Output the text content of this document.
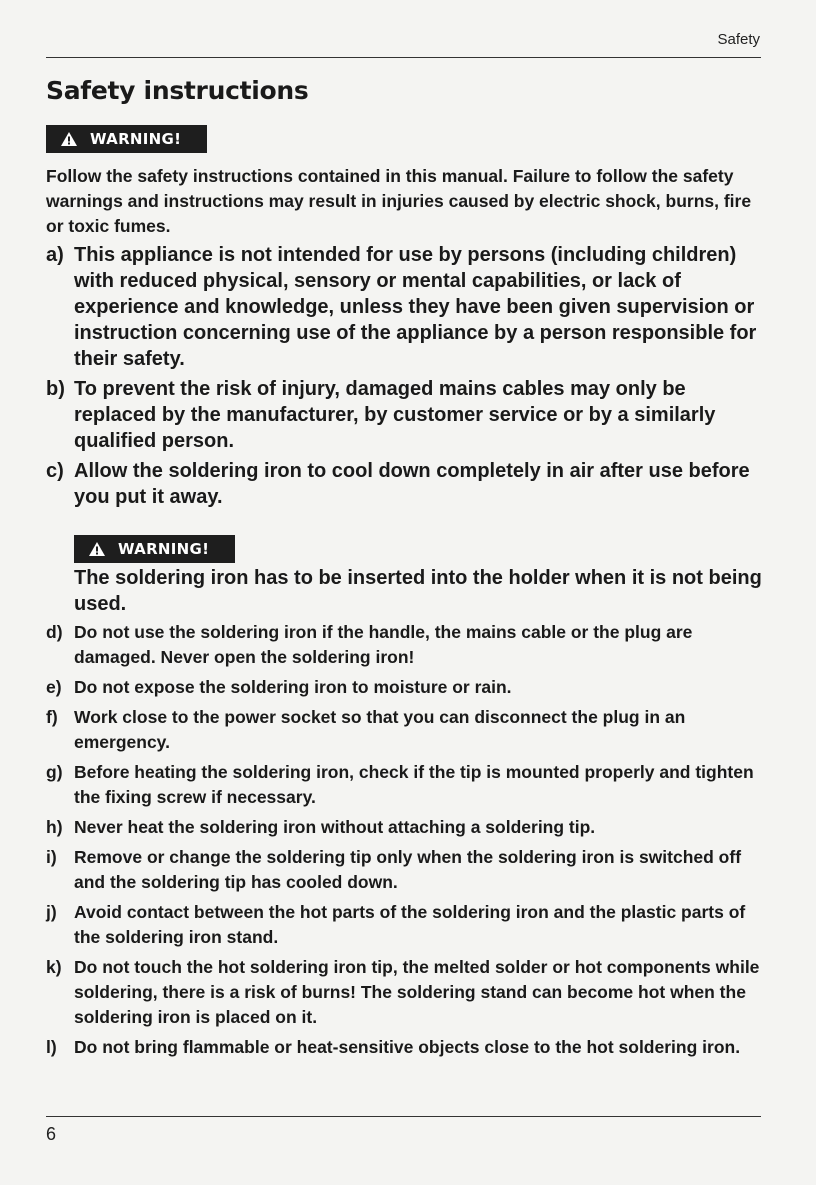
Safety
Safety instructions
WARNING!

Follow the safety instructions contained in this manual. Failure to follow the safety warnings and instructions may result in injuries caused by electric shock, burns, fire or toxic fumes.

a) This appliance is not intended for use by persons (including children) with reduced physical, sensory or mental capabilities, or lack of experience and knowledge, unless they have been given supervision or instruction concerning use of the appliance by a person responsible for their safety.
b) To prevent the risk of injury, damaged mains cables may only be replaced by the manufacturer, by customer service or by a similarly qualified person.
c) Allow the soldering iron to cool down completely in air after use before you put it away.
WARNING!

The soldering iron has to be inserted into the holder when it is not being used.

d) Do not use the soldering iron if the handle, the mains cable or the plug are damaged. Never open the soldering iron!
e) Do not expose the soldering iron to moisture or rain.
f) Work close to the power socket so that you can disconnect the plug in an emergency.
g) Before heating the soldering iron, check if the tip is mounted properly and tighten the fixing screw if necessary.
h) Never heat the soldering iron without attaching a soldering tip.
i) Remove or change the soldering tip only when the soldering iron is switched off and the soldering tip has cooled down.
j) Avoid contact between the hot parts of the soldering iron and the plastic parts of the soldering iron stand.
k) Do not touch the hot soldering iron tip, the melted solder or hot components while soldering, there is a risk of burns! The soldering stand can become hot when the soldering iron is placed on it.
l) Do not bring flammable or heat-sensitive objects close to the hot soldering iron.
6
